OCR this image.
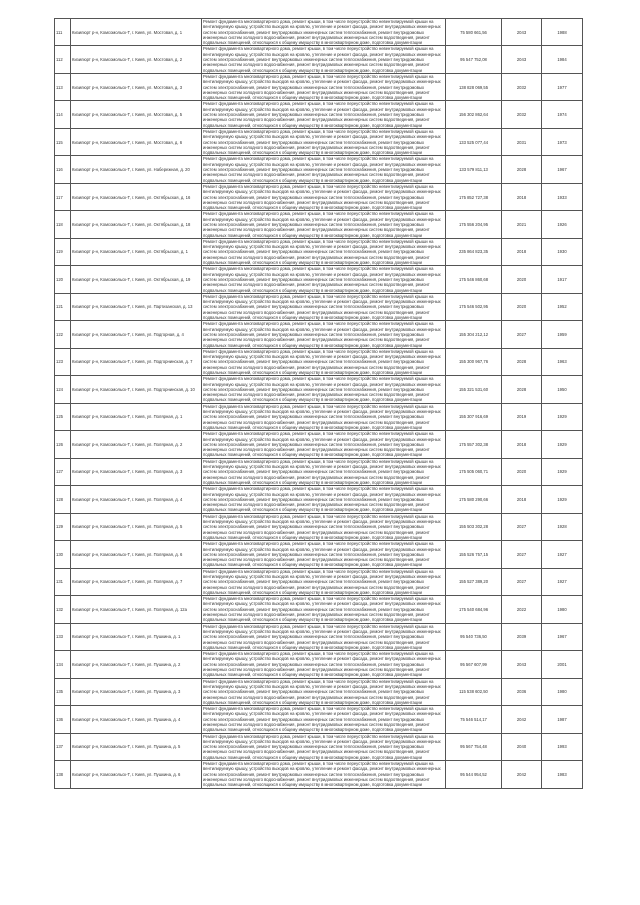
111	Кизилюрт р-н, Комсомольск-Т, г. Киев, ул. Мостовая, д. 1	Ремонт фундамента многоквартирного дома, ремонт крыши, в том числе переустройство невентилируемой крыши на вентилируемую крышу, устройство выходов на кровлю, утепление и ремонт фасада, ремонт внутридомовых инженерных систем электроснабжения, ремонт внутридомовых инженерных систем теплоснабжения, ремонт внутридомовых инженерных систем холодного водоснабжения, ремонт внутридомовых инженерных систем водоотведения, ремонт подвальных помещений, относящихся к общему имуществу в многоквартирном доме, подготовка документации	75 580 661,56	2043	1988
112	Кизилюрт р-н, Комсомольск-Т, г. Киев, ул. Мостовая, д. 2	Ремонт фундамента многоквартирного дома, ремонт крыши, в том числе переустройство невентилируемой крыши на вентилируемую крышу, устройство выходов на кровлю, утепление и ремонт фасада, ремонт внутридомовых инженерных систем электроснабжения, ремонт внутридомовых инженерных систем теплоснабжения, ремонт внутридомовых инженерных систем холодного водоснабжения, ремонт внутридомовых инженерных систем водоотведения, ремонт подвальных помещений, относящихся к общему имуществу в многоквартирном доме, подготовка документации	95 547 752,08	2043	1984
113	Кизилюрт р-н, Комсомольск-Т, г. Киев, ул. Мостовая, д. 3	Ремонт фундамента многоквартирного дома, ремонт крыши, в том числе переустройство невентилируемой крыши на вентилируемую крышу, устройство выходов на кровлю, утепление и ремонт фасада, ремонт внутридомовых инженерных систем электроснабжения, ремонт внутридомовых инженерных систем теплоснабжения, ремонт внутридомовых инженерных систем холодного водоснабжения, ремонт внутридомовых инженерных систем водоотведения, ремонт подвальных помещений, относящихся к общему имуществу в многоквартирном доме, подготовка документации	138 828 069,55	2032	1977
114	Кизилюрт р-н, Комсомольск-Т, г. Киев, ул. Мостовая, д. 5	Ремонт фундамента многоквартирного дома, ремонт крыши, в том числе переустройство невентилируемой крыши на вентилируемую крышу, устройство выходов на кровлю, утепление и ремонт фасада, ремонт внутридомовых инженерных систем электроснабжения, ремонт внутридомовых инженерных систем теплоснабжения, ремонт внутридомовых инженерных систем холодного водоснабжения, ремонт внутридомовых инженерных систем водоотведения, ремонт подвальных помещений, относящихся к общему имуществу в многоквартирном доме, подготовка документации	156 302 862,64	2032	1974
115	Кизилюрт р-н, Комсомольск-Т, г. Киев, ул. Мостовая, д. 6	Ремонт фундамента многоквартирного дома, ремонт крыши, в том числе переустройство невентилируемой крыши на вентилируемую крышу, устройство выходов на кровлю, утепление и ремонт фасада, ремонт внутридомовых инженерных систем электроснабжения, ремонт внутридомовых инженерных систем теплоснабжения, ремонт внутридомовых инженерных систем холодного водоснабжения, ремонт внутридомовых инженерных систем водоотведения, ремонт подвальных помещений, относящихся к общему имуществу в многоквартирном доме, подготовка документации	133 525 077,44	2031	1973
116	Кизилюрт р-н, Комсомольск-Т, г. Киев, ул. Набережная, д. 20	Ремонт фундамента многоквартирного дома, ремонт крыши, в том числе переустройство невентилируемой крыши на вентилируемую крышу, устройство выходов на кровлю, утепление и ремонт фасада, ремонт внутридомовых инженерных систем электроснабжения, ремонт внутридомовых инженерных систем теплоснабжения, ремонт внутридомовых инженерных систем холодного водоснабжения, ремонт внутридомовых инженерных систем водоотведения, ремонт подвальных помещений, относящихся к общему имуществу в многоквартирном доме, подготовка документации	133 579 811,13	2028	1967
117	Кизилюрт р-н, Комсомольск-Т, г. Киев, ул. Октябрьская, д. 16	Ремонт фундамента многоквартирного дома, ремонт крыши, в том числе переустройство невентилируемой крыши на вентилируемую крышу, устройство выходов на кровлю, утепление и ремонт фасада, ремонт внутридомовых инженерных систем электроснабжения, ремонт внутридомовых инженерных систем теплоснабжения, ремонт внутридомовых инженерных систем холодного водоснабжения, ремонт внутридомовых инженерных систем водоотведения, ремонт подвальных помещений, относящихся к общему имуществу в многоквартирном доме, подготовка документации	175 852 727,38	2018	1933
118	Кизилюрт р-н, Комсомольск-Т, г. Киев, ул. Октябрьская, д. 18	Ремонт фундамента многоквартирного дома, ремонт крыши, в том числе переустройство невентилируемой крыши на вентилируемую крышу, устройство выходов на кровлю, утепление и ремонт фасада, ремонт внутридомовых инженерных систем электроснабжения, ремонт внутридомовых инженерных систем теплоснабжения, ремонт внутридомовых инженерных систем холодного водоснабжения, ремонт внутридомовых инженерных систем водоотведения, ремонт подвальных помещений, относящихся к общему имуществу в многоквартирном доме, подготовка документации	175 556 204,95	2021	1926
119	Кизилюрт р-н, Комсомольск-Т, г. Киев, ул. Октябрьская, д. 1	Ремонт фундамента многоквартирного дома, ремонт крыши, в том числе переустройство невентилируемой крыши на вентилируемую крышу, устройство выходов на кровлю, утепление и ремонт фасада, ремонт внутридомовых инженерных систем электроснабжения, ремонт внутридомовых инженерных систем теплоснабжения, ремонт внутридомовых инженерных систем холодного водоснабжения, ремонт внутридомовых инженерных систем водоотведения, ремонт подвальных помещений, относящихся к общему имуществу в многоквартирном доме, подготовка документации	235 864 823,35	2018	1930
120	Кизилюрт р-н, Комсомольск-Т, г. Киев, ул. Октябрьская, д. 19	Ремонт фундамента многоквартирного дома, ремонт крыши, в том числе переустройство невентилируемой крыши на вентилируемую крышу, устройство выходов на кровлю, утепление и ремонт фасада, ремонт внутридомовых инженерных систем электроснабжения, ремонт внутридомовых инженерных систем теплоснабжения, ремонт внутридомовых инженерных систем холодного водоснабжения, ремонт внутридомовых инженерных систем водоотведения, ремонт подвальных помещений, относящихся к общему имуществу в многоквартирном доме, подготовка документации	175 546 860,68	2020	1917
121	Кизилюрт р-н, Комсомольск-Т, г. Киев, ул. Партизанская, д. 13	Ремонт фундамента многоквартирного дома, ремонт крыши, в том числе переустройство невентилируемой крыши на вентилируемую крышу, устройство выходов на кровлю, утепление и ремонт фасада, ремонт внутридомовых инженерных систем электроснабжения, ремонт внутридомовых инженерных систем теплоснабжения, ремонт внутридомовых инженерных систем холодного водоснабжения, ремонт внутридомовых инженерных систем водоотведения, ремонт подвальных помещений, относящихся к общему имуществу в многоквартирном доме, подготовка документации	175 546 502,95	2020	1952
122	Кизилюрт р-н, Комсомольск-Т, г. Киев, ул. Подгорная, д. 4	Ремонт фундамента многоквартирного дома, ремонт крыши, в том числе переустройство невентилируемой крыши на вентилируемую крышу, устройство выходов на кровлю, утепление и ремонт фасада, ремонт внутридомовых инженерных систем электроснабжения, ремонт внутридомовых инженерных систем теплоснабжения, ремонт внутридомовых инженерных систем холодного водоснабжения, ремонт внутридомовых инженерных систем водоотведения, ремонт подвальных помещений, относящихся к общему имуществу в многоквартирном доме, подготовка документации	155 304 212,12	2027	1959
123	Кизилюрт р-н, Комсомольск-Т, г. Киев, ул. Подгорнинская, д. 7	Ремонт фундамента многоквартирного дома, ремонт крыши, в том числе переустройство невентилируемой крыши на вентилируемую крышу, устройство выходов на кровлю, утепление и ремонт фасада, ремонт внутридомовых инженерных систем электроснабжения, ремонт внутридомовых инженерных систем теплоснабжения, ремонт внутридомовых инженерных систем холодного водоснабжения, ремонт внутридомовых инженерных систем водоотведения, ремонт подвальных помещений, относящихся к общему имуществу в многоквартирном доме, подготовка документации	155 300 967,76	2028	1963
124	Кизилюрт р-н, Комсомольск-Т, г. Киев, ул. Подгорнинская, д. 10	Ремонт фундамента многоквартирного дома, ремонт крыши, в том числе переустройство невентилируемой крыши на вентилируемую крышу, устройство выходов на кровлю, утепление и ремонт фасада, ремонт внутридомовых инженерных систем электроснабжения, ремонт внутридомовых инженерных систем теплоснабжения, ремонт внутридомовых инженерных систем холодного водоснабжения, ремонт внутридомовых инженерных систем водоотведения, ремонт подвальных помещений, относящихся к общему имуществу в многоквартирном доме, подготовка документации	155 321 531,60	2028	1950
125	Кизилюрт р-н, Комсомольск-Т, г. Киев, ул. Полярная, д. 1	Ремонт фундамента многоквартирного дома, ремонт крыши, в том числе переустройство невентилируемой крыши на вентилируемую крышу, устройство выходов на кровлю, утепление и ремонт фасада, ремонт внутридомовых инженерных систем электроснабжения, ремонт внутридомовых инженерных систем теплоснабжения, ремонт внутридомовых инженерных систем холодного водоснабжения, ремонт внутридомовых инженерных систем водоотведения, ремонт подвальных помещений, относящихся к общему имуществу в многоквартирном доме, подготовка документации	155 307 916,69	2019	1929
126	Кизилюрт р-н, Комсомольск-Т, г. Киев, ул. Полярная, д. 2	Ремонт фундамента многоквартирного дома, ремонт крыши, в том числе переустройство невентилируемой крыши на вентилируемую крышу, устройство выходов на кровлю, утепление и ремонт фасада, ремонт внутридомовых инженерных систем электроснабжения, ремонт внутридомовых инженерных систем теплоснабжения, ремонт внутридомовых инженерных систем холодного водоснабжения, ремонт внутридомовых инженерных систем водоотведения, ремонт подвальных помещений, относящихся к общему имуществу в многоквартирном доме, подготовка документации	175 557 302,38	2018	1929
127	Кизилюрт р-н, Комсомольск-Т, г. Киев, ул. Полярная, д. 3	Ремонт фундамента многоквартирного дома, ремонт крыши, в том числе переустройство невентилируемой крыши на вентилируемую крышу, устройство выходов на кровлю, утепление и ремонт фасада, ремонт внутридомовых инженерных систем электроснабжения, ремонт внутридомовых инженерных систем теплоснабжения, ремонт внутридомовых инженерных систем холодного водоснабжения, ремонт внутридомовых инженерных систем водоотведения, ремонт подвальных помещений, относящихся к общему имуществу в многоквартирном доме, подготовка документации	175 505 060,71	2020	1929
128	Кизилюрт р-н, Комсомольск-Т, г. Киев, ул. Полярная, д. 4	Ремонт фундамента многоквартирного дома, ремонт крыши, в том числе переустройство невентилируемой крыши на вентилируемую крышу, устройство выходов на кровлю, утепление и ремонт фасада, ремонт внутридомовых инженерных систем электроснабжения, ремонт внутридомовых инженерных систем теплоснабжения, ремонт внутридомовых инженерных систем холодного водоснабжения, ремонт внутридомовых инженерных систем водоотведения, ремонт подвальных помещений, относящихся к общему имуществу в многоквартирном доме, подготовка документации	175 580 290,66	2018	1929
129	Кизилюрт р-н, Комсомольск-Т, г. Киев, ул. Полярная, д. 5	Ремонт фундамента многоквартирного дома, ремонт крыши, в том числе переустройство невентилируемой крыши на вентилируемую крышу, устройство выходов на кровлю, утепление и ремонт фасада, ремонт внутридомовых инженерных систем электроснабжения, ремонт внутридомовых инженерных систем теплоснабжения, ремонт внутридомовых инженерных систем холодного водоснабжения, ремонт внутридомовых инженерных систем водоотведения, ремонт подвальных помещений, относящихся к общему имуществу в многоквартирном доме, подготовка документации	155 503 302,28	2027	1928
130	Кизилюрт р-н, Комсомольск-Т, г. Киев, ул. Полярная, д. 6	Ремонт фундамента многоквартирного дома, ремонт крыши, в том числе переустройство невентилируемой крыши на вентилируемую крышу, устройство выходов на кровлю, утепление и ремонт фасада, ремонт внутридомовых инженерных систем электроснабжения, ремонт внутридомовых инженерных систем теплоснабжения, ремонт внутридомовых инженерных систем холодного водоснабжения, ремонт внутридомовых инженерных систем водоотведения, ремонт подвальных помещений, относящихся к общему имуществу в многоквартирном доме, подготовка документации	155 526 757,15	2027	1927
131	Кизилюрт р-н, Комсомольск-Т, г. Киев, ул. Полярная, д. 7	Ремонт фундамента многоквартирного дома, ремонт крыши, в том числе переустройство невентилируемой крыши на вентилируемую крышу, устройство выходов на кровлю, утепление и ремонт фасада, ремонт внутридомовых инженерных систем электроснабжения, ремонт внутридомовых инженерных систем теплоснабжения, ремонт внутридомовых инженерных систем холодного водоснабжения, ремонт внутридомовых инженерных систем водоотведения, ремонт подвальных помещений, относящихся к общему имуществу в многоквартирном доме, подготовка документации	155 527 389,20	2027	1927
132	Кизилюрт р-н, Комсомольск-Т, г. Киев, ул. Полярная, д. 12а	Ремонт фундамента многоквартирного дома, ремонт крыши, в том числе переустройство невентилируемой крыши на вентилируемую крышу, устройство выходов на кровлю, утепление и ремонт фасада, ремонт внутридомовых инженерных систем электроснабжения, ремонт внутридомовых инженерных систем теплоснабжения, ремонт внутридомовых инженерных систем холодного водоснабжения, ремонт внутридомовых инженерных систем водоотведения, ремонт подвальных помещений, относящихся к общему имуществу в многоквартирном доме, подготовка документации	175 540 684,96	2022	1980
133	Кизилюрт р-н, Комсомольск-Т, г. Киев, ул. Пушкина, д. 1	Ремонт фундамента многоквартирного дома, ремонт крыши, в том числе переустройство невентилируемой крыши на вентилируемую крышу, устройство выходов на кровлю, утепление и ремонт фасада, ремонт внутридомовых инженерных систем электроснабжения, ремонт внутридомовых инженерных систем теплоснабжения, ремонт внутридомовых инженерных систем холодного водоснабжения, ремонт внутридомовых инженерных систем водоотведения, ремонт подвальных помещений, относящихся к общему имуществу в многоквартирном доме, подготовка документации	95 540 736,50	2039	1967
134	Кизилюрт р-н, Комсомольск-Т, г. Киев, ул. Пушкина, д. 2	Ремонт фундамента многоквартирного дома, ремонт крыши, в том числе переустройство невентилируемой крыши на вентилируемую крышу, устройство выходов на кровлю, утепление и ремонт фасада, ремонт внутридомовых инженерных систем электроснабжения, ремонт внутридомовых инженерных систем теплоснабжения, ремонт внутридомовых инженерных систем холодного водоснабжения, ремонт внутридомовых инженерных систем водоотведения, ремонт подвальных помещений, относящихся к общему имуществу в многоквартирном доме, подготовка документации	95 567 607,99	2043	2001
135	Кизилюрт р-н, Комсомольск-Т, г. Киев, ул. Пушкина, д. 3	Ремонт фундамента многоквартирного дома, ремонт крыши, в том числе переустройство невентилируемой крыши на вентилируемую крышу, устройство выходов на кровлю, утепление и ремонт фасада, ремонт внутридомовых инженерных систем электроснабжения, ремонт внутридомовых инженерных систем теплоснабжения, ремонт внутридомовых инженерных систем холодного водоснабжения, ремонт внутридомовых инженерных систем водоотведения, ремонт подвальных помещений, относящихся к общему имуществу в многоквартирном доме, подготовка документации	115 538 602,50	2036	1980
136	Кизилюрт р-н, Комсомольск-Т, г. Киев, ул. Пушкина, д. 4	Ремонт фундамента многоквартирного дома, ремонт крыши, в том числе переустройство невентилируемой крыши на вентилируемую крышу, устройство выходов на кровлю, утепление и ремонт фасада, ремонт внутридомовых инженерных систем электроснабжения, ремонт внутридомовых инженерных систем теплоснабжения, ремонт внутридомовых инженерных систем холодного водоснабжения, ремонт внутридомовых инженерных систем водоотведения, ремонт подвальных помещений, относящихся к общему имуществу в многоквартирном доме, подготовка документации	75 546 514,17	2042	1987
137	Кизилюрт р-н, Комсомольск-Т, г. Киев, ул. Пушкина, д. 5	Ремонт фундамента многоквартирного дома, ремонт крыши, в том числе переустройство невентилируемой крыши на вентилируемую крышу, устройство выходов на кровлю, утепление и ремонт фасада, ремонт внутридомовых инженерных систем электроснабжения, ремонт внутридомовых инженерных систем теплоснабжения, ремонт внутридомовых инженерных систем холодного водоснабжения, ремонт внутридомовых инженерных систем водоотведения, ремонт подвальных помещений, относящихся к общему имуществу в многоквартирном доме, подготовка документации	95 567 754,48	2040	1993
138	Кизилюрт р-н, Комсомольск-Т, г. Киев, ул. Пушкина, д. 6	Ремонт фундамента многоквартирного дома, ремонт крыши, в том числе переустройство невентилируемой крыши на вентилируемую крышу, устройство выходов на кровлю, утепление и ремонт фасада, ремонт внутридомовых инженерных систем электроснабжения, ремонт внутридомовых инженерных систем теплоснабжения, ремонт внутридомовых инженерных систем холодного водоснабжения, ремонт внутридомовых инженерных систем водоотведения, ремонт подвальных помещений, относящихся к общему имуществу в многоквартирном доме, подготовка документации	95 544 954,52	2042	1983
